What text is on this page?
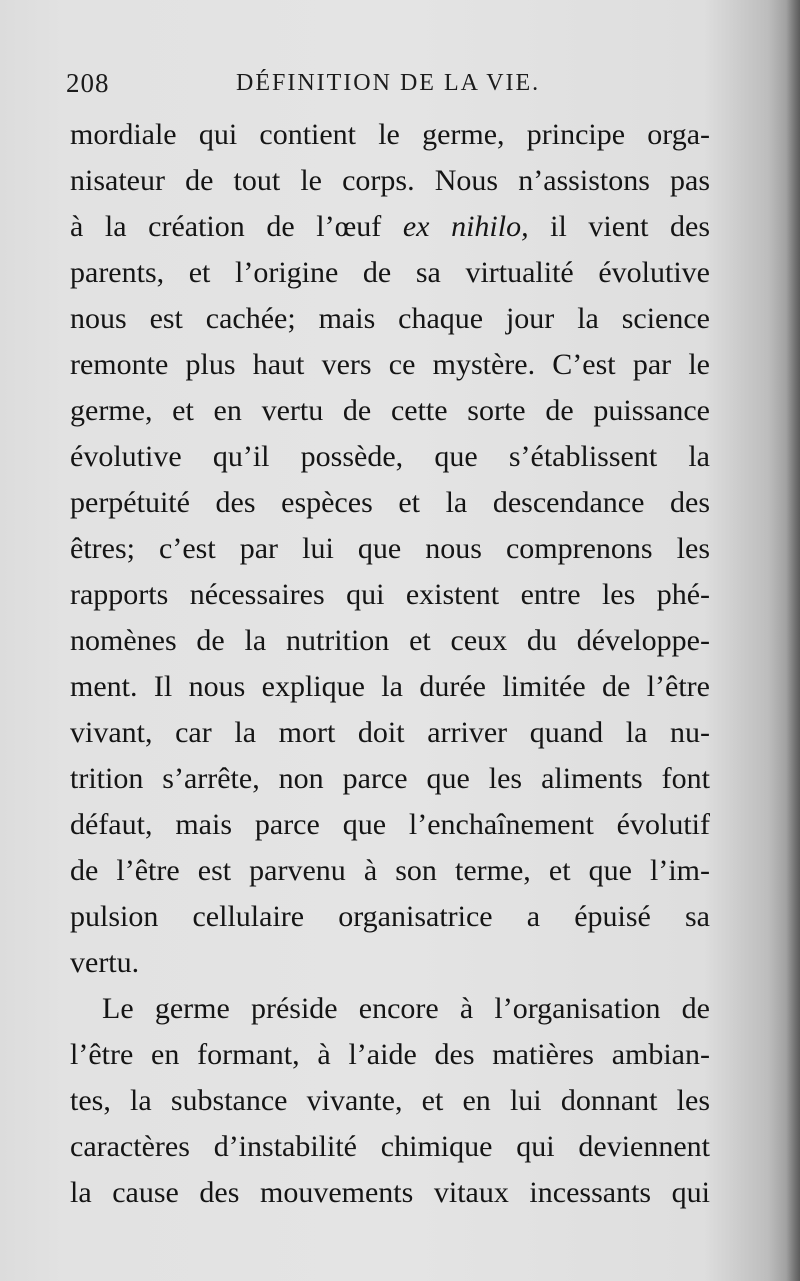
208	DÉFINITION DE LA VIE.
mordiale qui contient le germe, principe orga-
nisateur de tout le corps. Nous n’assistons pas
à la création de l’œuf ex nihilo, il vient des
parents, et l’origine de sa virtualité évolutive
nous est cachée; mais chaque jour la science
remonte plus haut vers ce mystère. C’est par le
germe, et en vertu de cette sorte de puissance
évolutive qu’il possède, que s’établissent la
perpétuité des espèces et la descendance des
êtres; c’est par lui que nous comprenons les
rapports nécessaires qui existent entre les phé-
nomènes de la nutrition et ceux du développe-
ment. Il nous explique la durée limitée de l’être
vivant, car la mort doit arriver quand la nu-
trition s’arrête, non parce que les aliments font
défaut, mais parce que l’enchaînement évolutif
de l’être est parvenu à son terme, et que l’im-
pulsion cellulaire organisatrice a épuisé sa
vertu.
Le germe préside encore à l’organisation de
l’être en formant, à l’aide des matières ambian-
tes, la substance vivante, et en lui donnant les
caractères d’instabilité chimique qui deviennent
la cause des mouvements vitaux incessants qui
